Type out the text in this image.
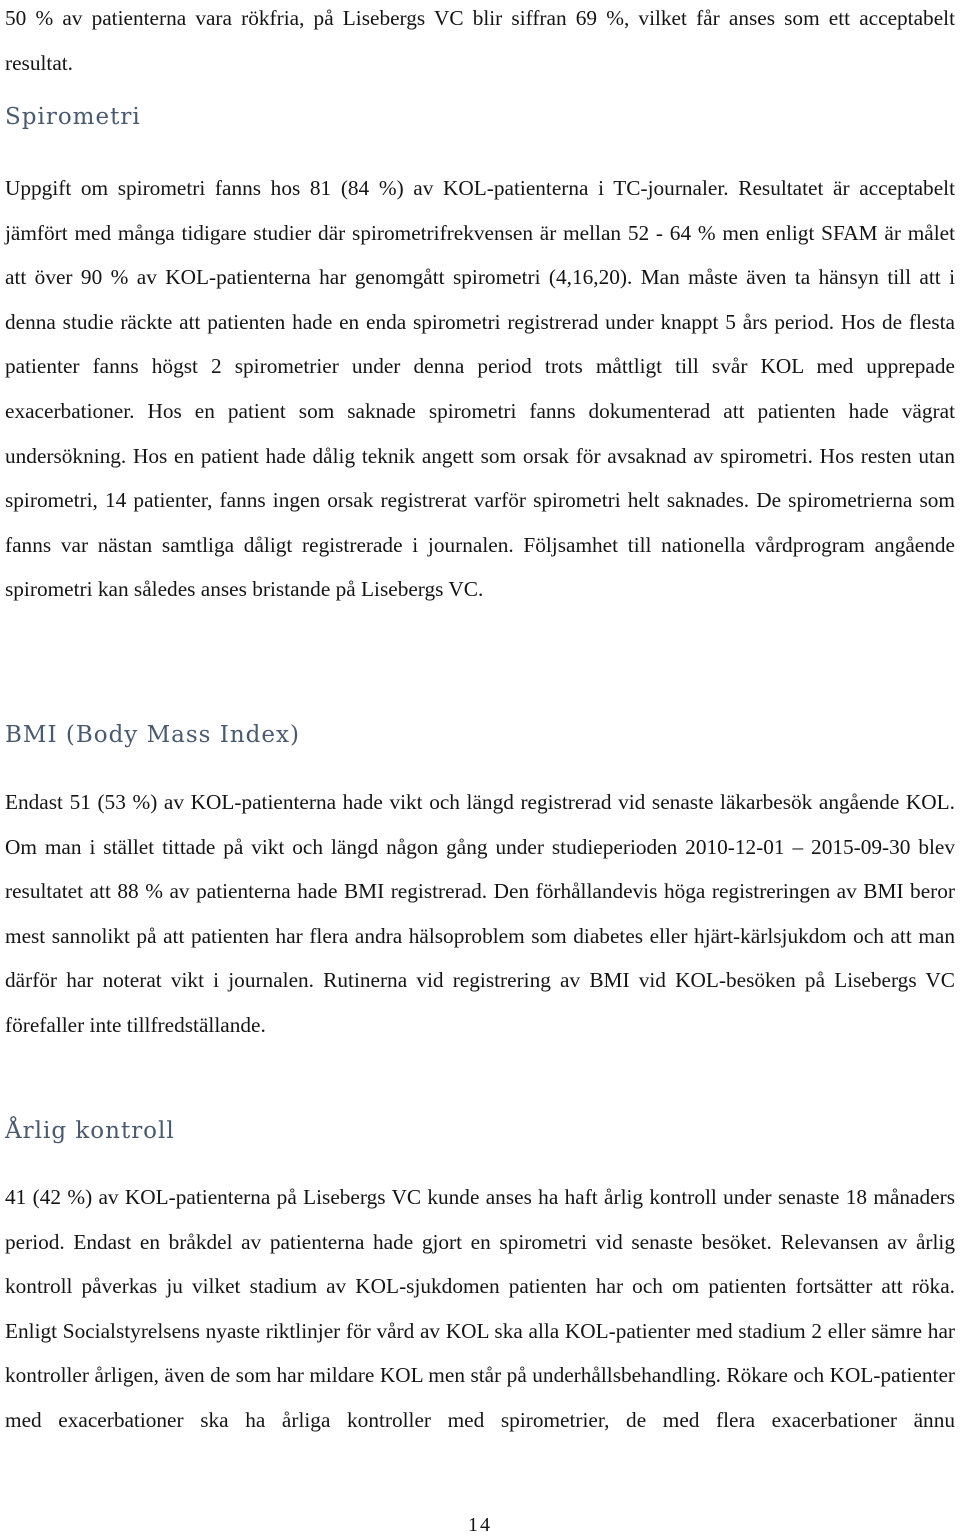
50 % av patienterna vara rökfria, på Lisebergs VC blir siffran 69 %, vilket får anses som ett acceptabelt resultat.

Spirometri

Uppgift om spirometri fanns hos 81 (84 %) av KOL-patienterna i TC-journaler. Resultatet är acceptabelt jämfört med många tidigare studier där spirometrifrekvensen är mellan 52 - 64 % men enligt SFAM är målet att över 90 % av KOL-patienterna har genomgått spirometri (4,16,20). Man måste även ta hänsyn till att i denna studie räckte att patienten hade en enda spirometri registrerad under knappt 5 års period. Hos de flesta patienter fanns högst 2 spirometrier under denna period trots måttligt till svår KOL med upprepade exacerbationer. Hos en patient som saknade spirometri fanns dokumenterad att patienten hade vägrat undersökning. Hos en patient hade dålig teknik angett som orsak för avsaknad av spirometri. Hos resten utan spirometri, 14 patienter, fanns ingen orsak registrerat varför spirometri helt saknades. De spirometrierna som fanns var nästan samtliga dåligt registrerade i journalen. Följsamhet till nationella vårdprogram angående spirometri kan således anses bristande på Lisebergs VC.

BMI (Body Mass Index)

Endast 51 (53 %) av KOL-patienterna hade vikt och längd registrerad vid senaste läkarbesök angående KOL. Om man i stället tittade på vikt och längd någon gång under studieperioden 2010-12-01 – 2015-09-30 blev resultatet att 88 % av patienterna hade BMI registrerad. Den förhållandevis höga registreringen av BMI beror mest sannolikt på att patienten har flera andra hälsoproblem som diabetes eller hjärt-kärlsjukdom och att man därför har noterat vikt i journalen. Rutinerna vid registrering av BMI vid KOL-besöken på Lisebergs VC förefaller inte tillfredställande.

Årlig kontroll

41 (42 %) av KOL-patienterna på Lisebergs VC kunde anses ha haft årlig kontroll under senaste 18 månaders period. Endast en bråkdel av patienterna hade gjort en spirometri vid senaste besöket. Relevansen av årlig kontroll påverkas ju vilket stadium av KOL-sjukdomen patienten har och om patienten fortsätter att röka. Enligt Socialstyrelsens nyaste riktlinjer för vård av KOL ska alla KOL-patienter med stadium 2 eller sämre har kontroller årligen, även de som har mildare KOL men står på underhållsbehandling. Rökare och KOL-patienter med exacerbationer ska ha årliga kontroller med spirometrier, de med flera exacerbationer ännu

14
